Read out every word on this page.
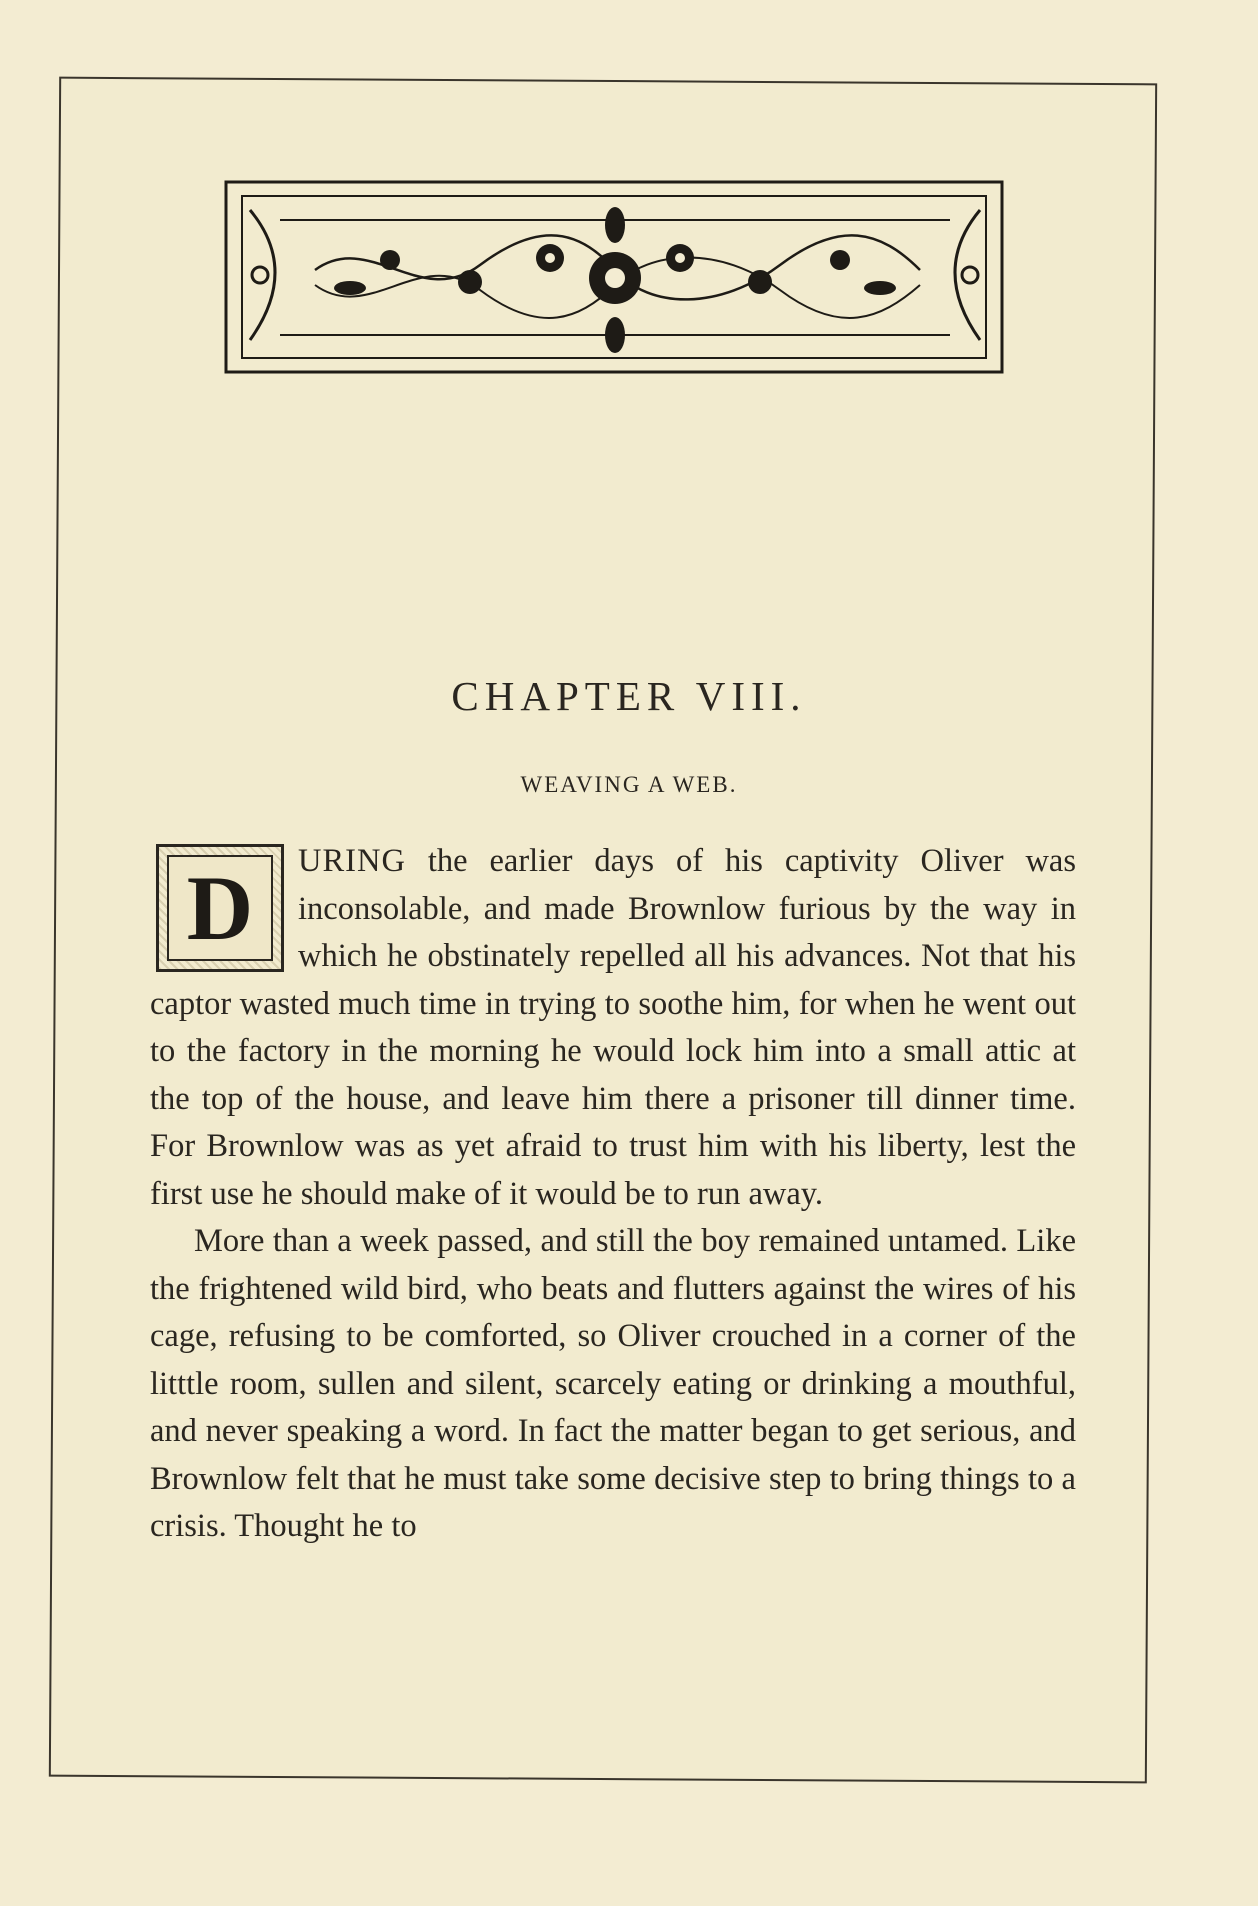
CHAPTER VIII.
WEAVING A WEB.
D	URING the earlier days of his captivity Oliver was inconsolable, and made Brownlow furious by the way in which he obstinately repelled all his advances. Not that his captor wasted much time in trying to soothe him, for when he went out to the factory in the morning he would lock him into a small attic at the top of the house, and leave him there a prisoner till dinner time. For Brownlow was as yet afraid to trust him with his liberty, lest the first use he should make of it would be to run away.

More than a week passed, and still the boy remained untamed. Like the frightened wild bird, who beats and flutters against the wires of his cage, refusing to be comforted, so Oliver crouched in a corner of the litttle room, sullen and silent, scarcely eating or drinking a mouthful, and never speaking a word. In fact the matter began to get serious, and Brownlow felt that he must take some decisive step to bring things to a crisis. Thought he to
